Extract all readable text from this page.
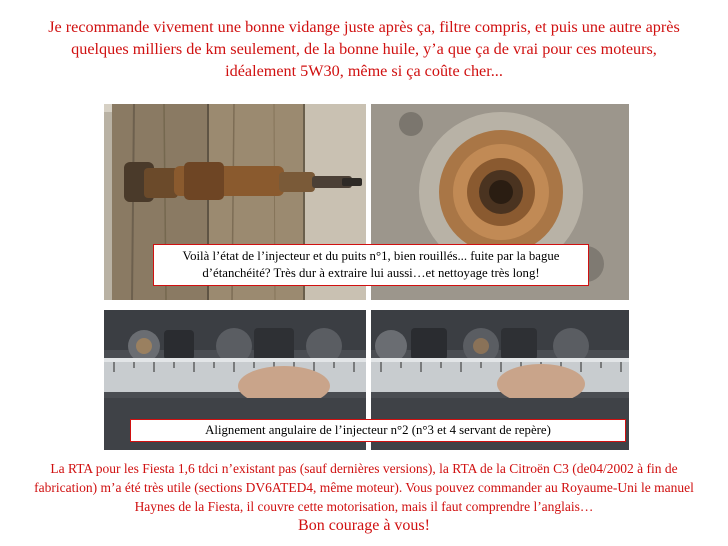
Je recommande vivement une bonne vidange juste après ça, filtre compris, et puis une autre après quelques milliers de km seulement, de la bonne huile, y’a que ça de vrai pour ces moteurs, idéalement 5W30, même si ça coûte cher...
Voilà l’état de l’injecteur et du puits n°1, bien rouillés... fuite par la bague d’étanchéité? Très dur à extraire lui aussi…et nettoyage très long!
Alignement angulaire de l’injecteur n°2 (n°3 et 4 servant de repère)
La RTA pour les Fiesta 1,6 tdci n’existant pas (sauf dernières versions), la RTA de la Citroën C3 (de04/2002 à fin de fabrication) m’a été très utile (sections DV6ATED4, même moteur). Vous pouvez commander au Royaume-Uni le manuel Haynes de la Fiesta, il couvre cette motorisation, mais il faut comprendre l’anglais…
Bon courage à vous!
